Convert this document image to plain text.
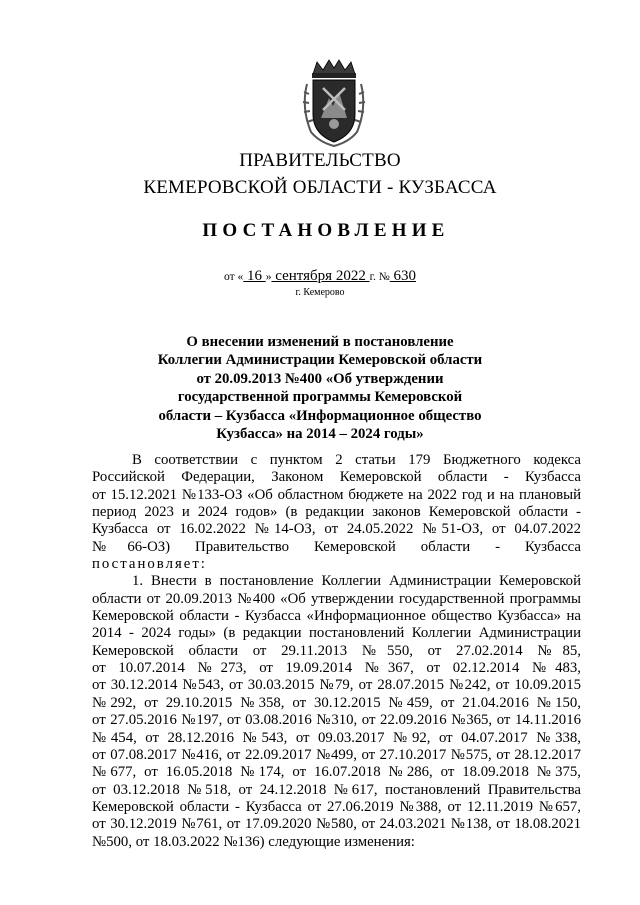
ПРАВИТЕЛЬСТВО
КЕМЕРОВСКОЙ ОБЛАСТИ - КУЗБАССА
ПОСТАНОВЛЕНИЕ
от « 16 » сентября 2022 г. № 630
г. Кемерово
О внесении изменений в постановление
Коллегии Администрации Кемеровской области
от 20.09.2013 №400 «Об утверждении
государственной программы Кемеровской
области – Кузбасса «Информационное общество
Кузбасса» на 2014 – 2024 годы»
В соответствии с пунктом 2 статьи 179 Бюджетного кодекса
Российской Федерации, Законом Кемеровской области - Кузбасса
от 15.12.2021 №133-ОЗ «Об областном бюджете на 2022 год и на плановый
период 2023 и 2024 годов» (в редакции законов Кемеровской области -
Кузбасса от 16.02.2022 №14-ОЗ, от 24.05.2022 №51-ОЗ, от 04.07.2022
№66-ОЗ) Правительство Кемеровской области - Кузбасса
постановляет:
1. Внести в постановление Коллегии Администрации Кемеровской
области от 20.09.2013 №400 «Об утверждении государственной программы
Кемеровской области - Кузбасса «Информационное общество Кузбасса» на
2014 - 2024 годы» (в редакции постановлений Коллегии Администрации
Кемеровской области от 29.11.2013 №550, от 27.02.2014 №85,
от 10.07.2014 №273, от 19.09.2014 №367, от 02.12.2014 №483,
от 30.12.2014 №543, от 30.03.2015 №79, от 28.07.2015 №242, от 10.09.2015
№292, от 29.10.2015 №358, от 30.12.2015 №459, от 21.04.2016 №150,
от 27.05.2016 №197, от 03.08.2016 №310, от 22.09.2016 №365, от 14.11.2016
№454, от 28.12.2016 №543, от 09.03.2017 №92, от 04.07.2017 №338,
от 07.08.2017 №416, от 22.09.2017 №499, от 27.10.2017 №575, от 28.12.2017
№677, от 16.05.2018 №174, от 16.07.2018 №286, от 18.09.2018 №375,
от 03.12.2018 №518, от 24.12.2018 №617, постановлений Правительства
Кемеровской области - Кузбасса от 27.06.2019 №388, от 12.11.2019 №657,
от 30.12.2019 №761, от 17.09.2020 №580, от 24.03.2021 №138, от 18.08.2021
№500, от 18.03.2022 №136) следующие изменения:
